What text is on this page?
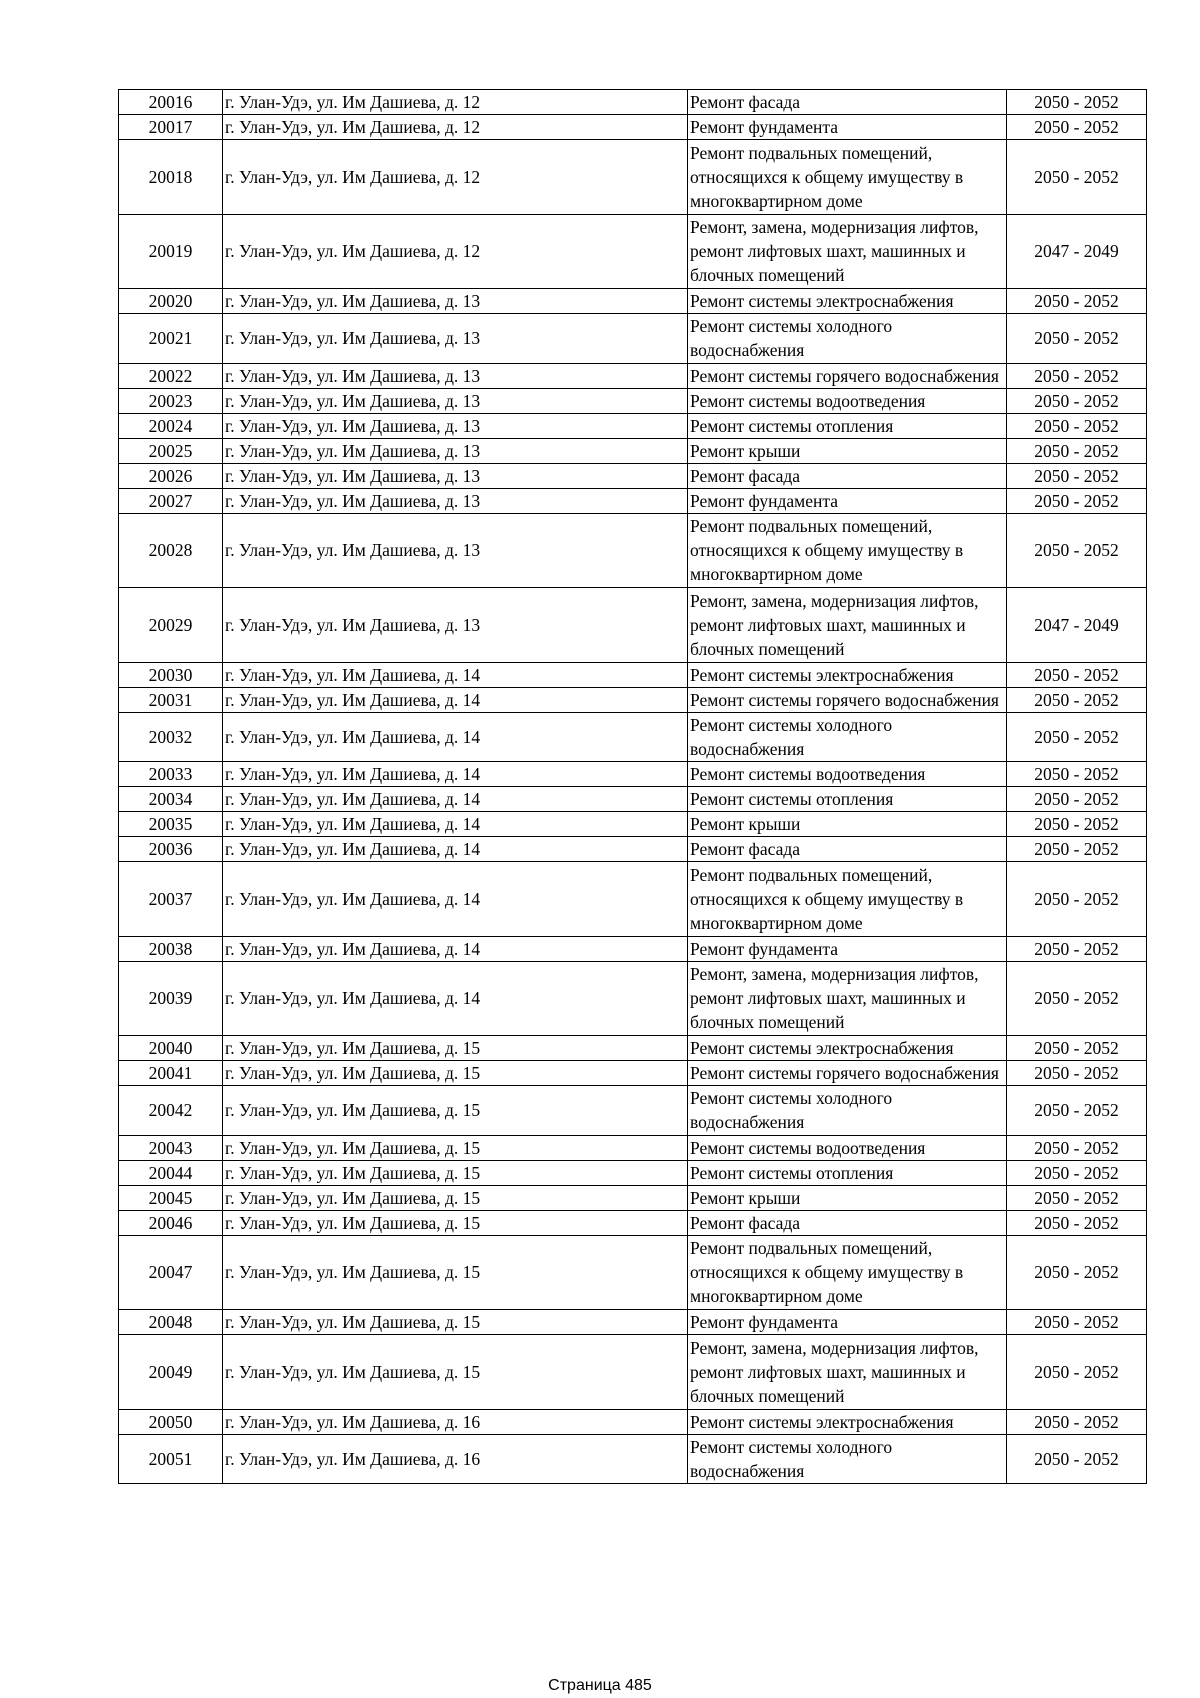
20016	г. Улан-Удэ, ул. Им Дашиева, д. 12	Ремонт фасада	2050 - 2052
20017	г. Улан-Удэ, ул. Им Дашиева, д. 12	Ремонт фундамента	2050 - 2052
20018	г. Улан-Удэ, ул. Им Дашиева, д. 12	Ремонт подвальных помещений, относящихся к общему имуществу в многоквартирном доме	2050 - 2052
20019	г. Улан-Удэ, ул. Им Дашиева, д. 12	Ремонт, замена, модернизация лифтов, ремонт лифтовых шахт, машинных и блочных помещений	2047 - 2049
20020	г. Улан-Удэ, ул. Им Дашиева, д. 13	Ремонт системы электроснабжения	2050 - 2052
20021	г. Улан-Удэ, ул. Им Дашиева, д. 13	Ремонт системы холодного водоснабжения	2050 - 2052
20022	г. Улан-Удэ, ул. Им Дашиева, д. 13	Ремонт системы горячего водоснабжения	2050 - 2052
20023	г. Улан-Удэ, ул. Им Дашиева, д. 13	Ремонт системы водоотведения	2050 - 2052
20024	г. Улан-Удэ, ул. Им Дашиева, д. 13	Ремонт системы отопления	2050 - 2052
20025	г. Улан-Удэ, ул. Им Дашиева, д. 13	Ремонт крыши	2050 - 2052
20026	г. Улан-Удэ, ул. Им Дашиева, д. 13	Ремонт фасада	2050 - 2052
20027	г. Улан-Удэ, ул. Им Дашиева, д. 13	Ремонт фундамента	2050 - 2052
20028	г. Улан-Удэ, ул. Им Дашиева, д. 13	Ремонт подвальных помещений, относящихся к общему имуществу в многоквартирном доме	2050 - 2052
20029	г. Улан-Удэ, ул. Им Дашиева, д. 13	Ремонт, замена, модернизация лифтов, ремонт лифтовых шахт, машинных и блочных помещений	2047 - 2049
20030	г. Улан-Удэ, ул. Им Дашиева, д. 14	Ремонт системы электроснабжения	2050 - 2052
20031	г. Улан-Удэ, ул. Им Дашиева, д. 14	Ремонт системы горячего водоснабжения	2050 - 2052
20032	г. Улан-Удэ, ул. Им Дашиева, д. 14	Ремонт системы холодного водоснабжения	2050 - 2052
20033	г. Улан-Удэ, ул. Им Дашиева, д. 14	Ремонт системы водоотведения	2050 - 2052
20034	г. Улан-Удэ, ул. Им Дашиева, д. 14	Ремонт системы отопления	2050 - 2052
20035	г. Улан-Удэ, ул. Им Дашиева, д. 14	Ремонт крыши	2050 - 2052
20036	г. Улан-Удэ, ул. Им Дашиева, д. 14	Ремонт фасада	2050 - 2052
20037	г. Улан-Удэ, ул. Им Дашиева, д. 14	Ремонт подвальных помещений, относящихся к общему имуществу в многоквартирном доме	2050 - 2052
20038	г. Улан-Удэ, ул. Им Дашиева, д. 14	Ремонт фундамента	2050 - 2052
20039	г. Улан-Удэ, ул. Им Дашиева, д. 14	Ремонт, замена, модернизация лифтов, ремонт лифтовых шахт, машинных и блочных помещений	2050 - 2052
20040	г. Улан-Удэ, ул. Им Дашиева, д. 15	Ремонт системы электроснабжения	2050 - 2052
20041	г. Улан-Удэ, ул. Им Дашиева, д. 15	Ремонт системы горячего водоснабжения	2050 - 2052
20042	г. Улан-Удэ, ул. Им Дашиева, д. 15	Ремонт системы холодного водоснабжения	2050 - 2052
20043	г. Улан-Удэ, ул. Им Дашиева, д. 15	Ремонт системы водоотведения	2050 - 2052
20044	г. Улан-Удэ, ул. Им Дашиева, д. 15	Ремонт системы отопления	2050 - 2052
20045	г. Улан-Удэ, ул. Им Дашиева, д. 15	Ремонт крыши	2050 - 2052
20046	г. Улан-Удэ, ул. Им Дашиева, д. 15	Ремонт фасада	2050 - 2052
20047	г. Улан-Удэ, ул. Им Дашиева, д. 15	Ремонт подвальных помещений, относящихся к общему имуществу в многоквартирном доме	2050 - 2052
20048	г. Улан-Удэ, ул. Им Дашиева, д. 15	Ремонт фундамента	2050 - 2052
20049	г. Улан-Удэ, ул. Им Дашиева, д. 15	Ремонт, замена, модернизация лифтов, ремонт лифтовых шахт, машинных и блочных помещений	2050 - 2052
20050	г. Улан-Удэ, ул. Им Дашиева, д. 16	Ремонт системы электроснабжения	2050 - 2052
20051	г. Улан-Удэ, ул. Им Дашиева, д. 16	Ремонт системы холодного водоснабжения	2050 - 2052
Страница 485
